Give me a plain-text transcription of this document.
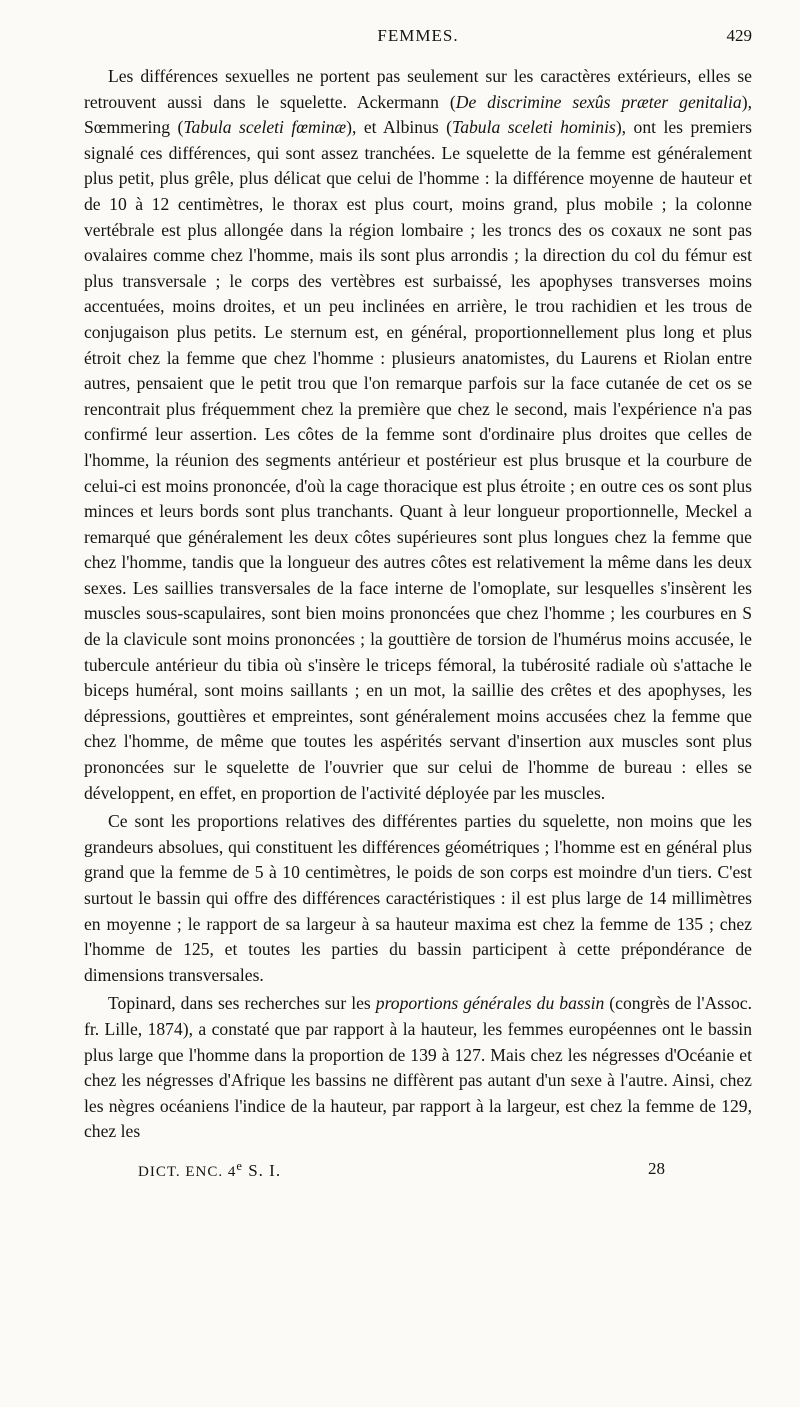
FEMMES.	429

Les différences sexuelles ne portent pas seulement sur les caractères extérieurs, elles se retrouvent aussi dans le squelette. Ackermann (De discrimine sexûs præter genitalia), Sœmmering (Tabula sceleti fœminæ), et Albinus (Tabula sceleti hominis), ont les premiers signalé ces différences, qui sont assez tranchées. Le squelette de la femme est généralement plus petit, plus grêle, plus délicat que celui de l'homme : la différence moyenne de hauteur et de 10 à 12 centimètres, le thorax est plus court, moins grand, plus mobile ; la colonne vertébrale est plus allongée dans la région lombaire ; les troncs des os coxaux ne sont pas ovalaires comme chez l'homme, mais ils sont plus arrondis ; la direction du col du fémur est plus transversale ; le corps des vertèbres est surbaissé, les apophyses transverses moins accentuées, moins droites, et un peu inclinées en arrière, le trou rachidien et les trous de conjugaison plus petits. Le sternum est, en général, proportionnellement plus long et plus étroit chez la femme que chez l'homme : plusieurs anatomistes, du Laurens et Riolan entre autres, pensaient que le petit trou que l'on remarque parfois sur la face cutanée de cet os se rencontrait plus fréquemment chez la première que chez le second, mais l'expérience n'a pas confirmé leur assertion. Les côtes de la femme sont d'ordinaire plus droites que celles de l'homme, la réunion des segments antérieur et postérieur est plus brusque et la courbure de celui-ci est moins prononcée, d'où la cage thoracique est plus étroite ; en outre ces os sont plus minces et leurs bords sont plus tranchants. Quant à leur longueur proportionnelle, Meckel a remarqué que généralement les deux côtes supérieures sont plus longues chez la femme que chez l'homme, tandis que la longueur des autres côtes est relativement la même dans les deux sexes. Les saillies transversales de la face interne de l'omoplate, sur lesquelles s'insèrent les muscles sous-scapulaires, sont bien moins prononcées que chez l'homme ; les courbures en S de la clavicule sont moins prononcées ; la gouttière de torsion de l'humérus moins accusée, le tubercule antérieur du tibia où s'insère le triceps fémoral, la tubérosité radiale où s'attache le biceps huméral, sont moins saillants ; en un mot, la saillie des crêtes et des apophyses, les dépressions, gouttières et empreintes, sont généralement moins accusées chez la femme que chez l'homme, de même que toutes les aspérités servant d'insertion aux muscles sont plus prononcées sur le squelette de l'ouvrier que sur celui de l'homme de bureau : elles se développent, en effet, en proportion de l'activité déployée par les muscles.

Ce sont les proportions relatives des différentes parties du squelette, non moins que les grandeurs absolues, qui constituent les différences géométriques ; l'homme est en général plus grand que la femme de 5 à 10 centimètres, le poids de son corps est moindre d'un tiers. C'est surtout le bassin qui offre des différences caractéristiques : il est plus large de 14 millimètres en moyenne ; le rapport de sa largeur à sa hauteur maxima est chez la femme de 135 ; chez l'homme de 125, et toutes les parties du bassin participent à cette prépondérance de dimensions transversales.

Topinard, dans ses recherches sur les proportions générales du bassin (congrès de l'Assoc. fr. Lille, 1874), a constaté que par rapport à la hauteur, les femmes européennes ont le bassin plus large que l'homme dans la proportion de 139 à 127. Mais chez les négresses d'Océanie et chez les négresses d'Afrique les bassins ne diffèrent pas autant d'un sexe à l'autre. Ainsi, chez les nègres océaniens l'indice de la hauteur, par rapport à la largeur, est chez la femme de 129, chez les

DICT. ENC. 4e S. I.	28
